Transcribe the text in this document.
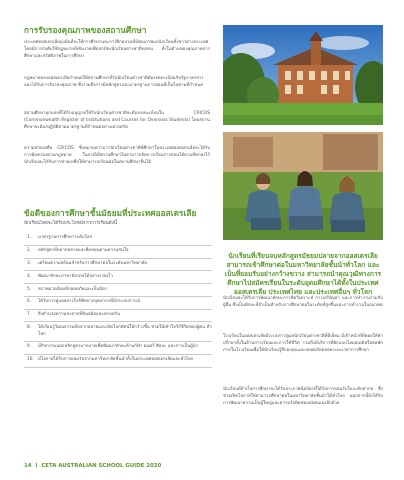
การรับรองคุณภาพของสถานศึกษา
ประเทศออสเตรเลียมุ่งมั่นที่จะให้การศึกษาและการฝึกอบรมที่มีคุณภาพแก่นักเรียนทั้งชาวต่างประเทศ โดยมีการบังคับใช้กฎหมายที่เข้มงวดเพื่อปกป้องนักเรียนต่างชาติทุกคน ทั้งในด้านของคุณภาพการศึกษาและสวัสดิภาพในการศึกษา
กฎหมายของออสเตรเลียกำหนดให้สถานศึกษาที่รับนักเรียนต่างชาติต้องจดทะเบียนกับรัฐบาลกลางและได้รับการรับรองคุณภาพ ซึ่งรวมถึงการมีหลักสูตรและมาตรฐานการสอนที่เป็นไปตามที่กำหนด
สถานศึกษาทุกแห่งที่ได้รับอนุญาตให้รับนักเรียนต่างชาติจะต้องลงทะเบียนใน CRICOS (Commonwealth Register of Institutions and Courses for Overseas Students) โดยสถานศึกษาจะต้องปฏิบัติตามมาตรฐานที่กำหนดอย่างเคร่งครัด
ความช่วยเหลือ CRICOS ซึ่งหมายความว่านักเรียนต่างชาติที่ศึกษาในประเทศออสเตรเลียจะได้รับการคุ้มครองตามกฎหมาย ในกรณีที่สถานศึกษาไม่สามารถจัดการเรียนการสอนได้ตามที่ตกลงไว้ นักเรียนจะได้รับการช่วยเหลือให้สามารถเรียนต่อในสถานศึกษาอื่นได้
ข้อดีของการศึกษาชั้นมัธยมที่ประเทศออสเตรเลีย
นักเรียนไทยจะได้รับประโยชน์จากการเรียนดังนี้
1. มาตรฐานการศึกษาระดับโลก
2. หลักสูตรที่หลากหลายและยืดหยุ่นตามความสนใจ
3. เตรียมความพร้อมสำหรับการศึกษาต่อในระดับมหาวิทยาลัย
4. พัฒนาทักษะภาษาอังกฤษได้อย่างรวดเร็ว
5. สภาพแวดล้อมที่ปลอดภัยและเป็นมิตร
6. ได้รับการดูแลอย่างใกล้ชิดจากบุคลากรที่มีประสบการณ์
7. สิ่งอำนวยความสะดวกที่ทันสมัยและครบครัน
8. ได้เรียนรู้วัฒนธรรมที่หลากหลายและเปิดโลกทัศน์ให้กว้างขึ้น ช่วยให้เข้าใจวิถีชีวิตของผู้คน ทั่วโลก
9. มีกิจกรรมนอกหลักสูตรมากมายเพื่อพัฒนาทักษะด้านกีฬา ดนตรี ศิลปะ และการเป็นผู้นำ
10. มีโอกาสได้รับการยอมรับจากมหาวิทยาลัยชั้นนำทั้งในประเทศออสเตรเลียและทั่วโลก
นักเรียนที่เรียนจบหลักสูตรมัธยมปลายจากออสเตรเลียสามารถเข้าศึกษาต่อในมหาวิทยาลัยชั้นนำทั่วโลก และเป็นที่ยอมรับอย่างกว้างขวาง สามารถนำคุณวุฒิทางการศึกษาไปสมัครเรียนในระดับอุดมศึกษาได้ทั้งในประเทศออสเตรเลีย ประเทศไทย และประเทศอื่นๆ ทั่วโลก
นักเรียนจะได้รับการพัฒนาทักษะการคิดวิเคราะห์ การแก้ปัญหา และการทำงานร่วมกับผู้อื่น ซึ่งเป็นทักษะที่จำเป็นสำหรับการศึกษาต่อในระดับที่สูงขึ้นและการทำงานในอนาคต
โรงเรียนในออสเตรเลียมีระบบการดูแลนักเรียนต่างชาติที่ดีเยี่ยม มีเจ้าหน้าที่ที่คอยให้คำปรึกษาทั้งในด้านการเรียนและการใช้ชีวิต รวมถึงมีบริการที่พักแบบโฮมสเตย์หรือหอพักภายในโรงเรียนเพื่อให้นักเรียนรู้สึกอบอุ่นและปลอดภัยตลอดระยะเวลาการศึกษา
นักเรียนที่สำเร็จการศึกษาจะได้รับประกาศนียบัตรที่ได้รับการยอมรับในระดับสากล ซึ่งช่วยเปิดโอกาสให้สามารถศึกษาต่อในมหาวิทยาลัยชั้นนำได้ทั่วโลก นอกจากนี้ยังได้รับการพัฒนาความเป็นผู้ใหญ่และความรับผิดชอบต่อตนเองอีกด้วย
14 I CETA AUSTRALIAN SCHOOL GUIDE 2020
